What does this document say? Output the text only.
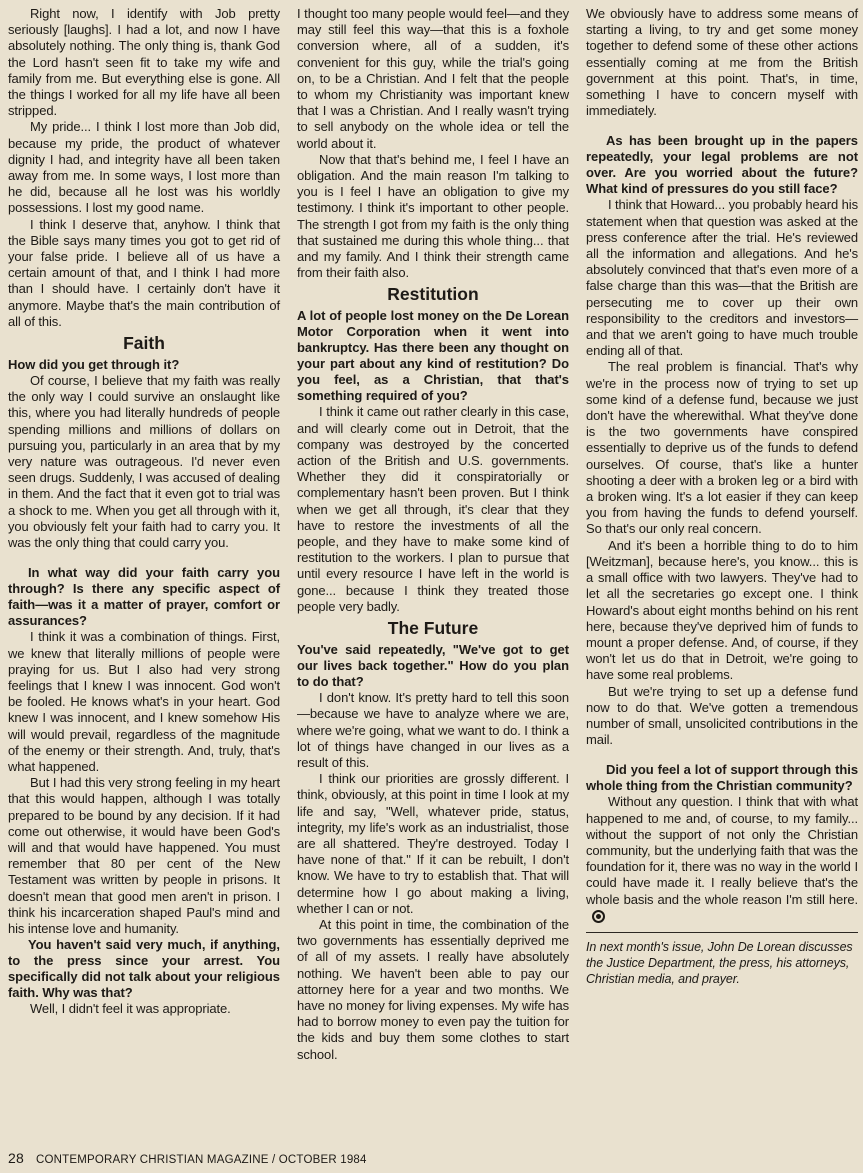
Right now, I identify with Job pretty seriously [laughs]. I had a lot, and now I have absolutely nothing. The only thing is, thank God the Lord hasn't seen fit to take my wife and family from me. But everything else is gone. All the things I worked for all my life have all been stripped.

My pride... I think I lost more than Job did, because my pride, the product of whatever dignity I had, and integrity have all been taken away from me. In some ways, I lost more than he did, because all he lost was his worldly possessions. I lost my good name.

I think I deserve that, anyhow. I think that the Bible says many times you got to get rid of your false pride. I believe all of us have a certain amount of that, and I think I had more than I should have. I certainly don't have it anymore. Maybe that's the main contribution of all of this.

Faith

How did you get through it?

Of course, I believe that my faith was really the only way I could survive an onslaught like this, where you had literally hundreds of people spending millions and millions of dollars on pursuing you, particularly in an area that by my very nature was outrageous. I'd never even seen drugs. Suddenly, I was accused of dealing in them. And the fact that it even got to trial was a shock to me. When you get all through with it, you obviously felt your faith had to carry you. It was the only thing that could carry you.

In what way did your faith carry you through? Is there any specific aspect of faith—was it a matter of prayer, comfort or assurances?

I think it was a combination of things. First, we knew that literally millions of people were praying for us. But I also had very strong feelings that I knew I was innocent. God won't be fooled. He knows what's in your heart. God knew I was innocent, and I knew somehow His will would prevail, regardless of the magnitude of the enemy or their strength. And, truly, that's what happened.

But I had this very strong feeling in my heart that this would happen, although I was totally prepared to be bound by any decision. If it had come out otherwise, it would have been God's will and that would have happened. You must remember that 80 per cent of the New Testament was written by people in prisons. It doesn't mean that good men aren't in prison. I think his incarceration shaped Paul's mind and his intense love and humanity.

You haven't said very much, if anything, to the press since your arrest. You specifically did not talk about your religious faith. Why was that?

Well, I didn't feel it was appropriate.

I thought too many people would feel—and they may still feel this way—that this is a foxhole conversion where, all of a sudden, it's convenient for this guy, while the trial's going on, to be a Christian. And I felt that the people to whom my Christianity was important knew that I was a Christian. And I really wasn't trying to sell anybody on the whole idea or tell the world about it.

Now that that's behind me, I feel I have an obligation. And the main reason I'm talking to you is I feel I have an obligation to give my testimony. I think it's important to other people. The strength I got from my faith is the only thing that sustained me during this whole thing... that and my family. And I think their strength came from their faith also.

Restitution

A lot of people lost money on the De Lorean Motor Corporation when it went into bankruptcy. Has there been any thought on your part about any kind of restitution? Do you feel, as a Christian, that that's something required of you?

I think it came out rather clearly in this case, and will clearly come out in Detroit, that the company was destroyed by the concerted action of the British and U.S. governments. Whether they did it conspiratorially or complementary hasn't been proven. But I think when we get all through, it's clear that they have to restore the investments of all the people, and they have to make some kind of restitution to the workers. I plan to pursue that until every resource I have left in the world is gone... because I think they treated those people very badly.

The Future

You've said repeatedly, "We've got to get our lives back together." How do you plan to do that?

I don't know. It's pretty hard to tell this soon—because we have to analyze where we are, where we're going, what we want to do. I think a lot of things have changed in our lives as a result of this.

I think our priorities are grossly different. I think, obviously, at this point in time I look at my life and say, "Well, whatever pride, status, integrity, my life's work as an industrialist, those are all shattered. They're destroyed. Today I have none of that." If it can be rebuilt, I don't know. We have to try to establish that. That will determine how I go about making a living, whether I can or not.

At this point in time, the combination of the two governments has essentially deprived me of all of my assets. I really have absolutely nothing. We haven't been able to pay our attorney here for a year and two months. We have no money for living expenses. My wife has had to borrow money to even pay the tuition for the kids and buy them some clothes to start school.

We obviously have to address some means of starting a living, to try and get some money together to defend some of these other actions essentially coming at me from the British government at this point. That's, in time, something I have to concern myself with immediately.

As has been brought up in the papers repeatedly, your legal problems are not over. Are you worried about the future? What kind of pressures do you still face?

I think that Howard... you probably heard his statement when that question was asked at the press conference after the trial. He's reviewed all the information and allegations. And he's absolutely convinced that that's even more of a false charge than this was—that the British are persecuting me to cover up their own responsibility to the creditors and investors—and that we aren't going to have much trouble ending all of that.

The real problem is financial. That's why we're in the process now of trying to set up some kind of a defense fund, because we just don't have the wherewithal. What they've done is the two governments have conspired essentially to deprive us of the funds to defend ourselves. Of course, that's like a hunter shooting a deer with a broken leg or a bird with a broken wing. It's a lot easier if they can keep you from having the funds to defend yourself. So that's our only real concern.

And it's been a horrible thing to do to him [Weitzman], because here's, you know... this is a small office with two lawyers. They've had to let all the secretaries go except one. I think Howard's about eight months behind on his rent here, because they've deprived him of funds to mount a proper defense. And, of course, if they won't let us do that in Detroit, we're going to have some real problems.

But we're trying to set up a defense fund now to do that. We've gotten a tremendous number of small, unsolicited contributions in the mail.

Did you feel a lot of support through this whole thing from the Christian community?

Without any question. I think that with what happened to me and, of course, to my family... without the support of not only the Christian community, but the underlying faith that was the foundation for it, there was no way in the world I could have made it. I really believe that's the whole basis and the whole reason I'm still here.

In next month's issue, John De Lorean discusses the Justice Department, the press, his attorneys, Christian media, and prayer.

28 CONTEMPORARY CHRISTIAN MAGAZINE / OCTOBER 1984
